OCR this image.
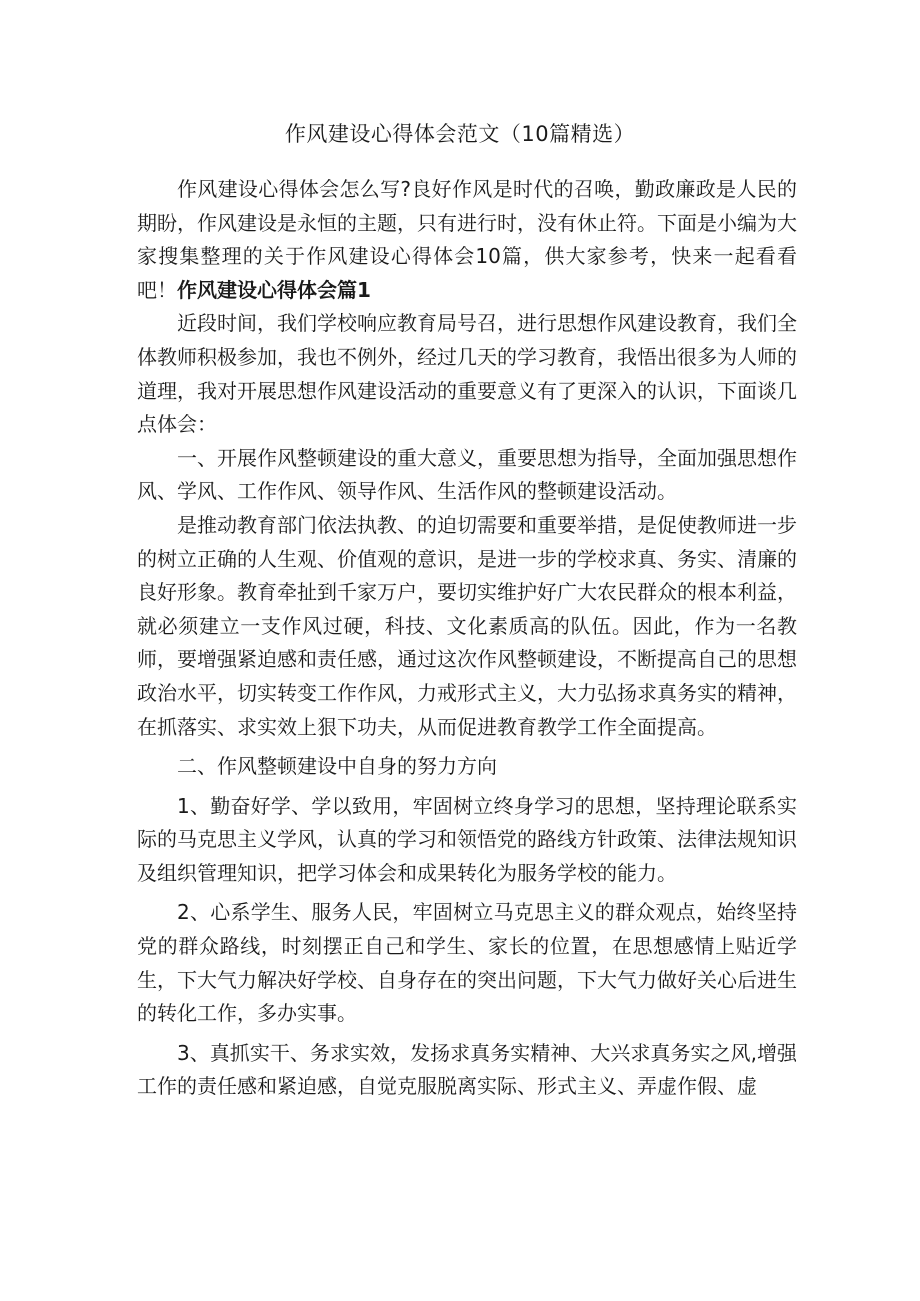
作风建设心得体会范文（10篇精选）

作风建设心得体会怎么写?良好作风是时代的召唤，勤政廉政是人民的期盼，作风建设是永恒的主题，只有进行时，没有休止符。下面是小编为大家搜集整理的关于作风建设心得体会10篇，供大家参考，快来一起看看吧！作风建设心得体会篇1

近段时间，我们学校响应教育局号召，进行思想作风建设教育，我们全体教师积极参加，我也不例外，经过几天的学习教育，我悟出很多为人师的道理，我对开展思想作风建设活动的重要意义有了更深入的认识，下面谈几点体会：

一、开展作风整顿建设的重大意义，重要思想为指导，全面加强思想作风、学风、工作作风、领导作风、生活作风的整顿建设活动。

是推动教育部门依法执教、的迫切需要和重要举措，是促使教师进一步的树立正确的人生观、价值观的意识，是进一步的学校求真、务实、清廉的良好形象。教育牵扯到千家万户，要切实维护好广大农民群众的根本利益，就必须建立一支作风过硬，科技、文化素质高的队伍。因此，作为一名教师，要增强紧迫感和责任感，通过这次作风整顿建设，不断提高自己的思想政治水平，切实转变工作作风，力戒形式主义，大力弘扬求真务实的精神，在抓落实、求实效上狠下功夫，从而促进教育教学工作全面提高。

二、作风整顿建设中自身的努力方向

1、勤奋好学、学以致用，牢固树立终身学习的思想，坚持理论联系实际的马克思主义学风，认真的学习和领悟党的路线方针政策、法律法规知识及组织管理知识，把学习体会和成果转化为服务学校的能力。

2、心系学生、服务人民，牢固树立马克思主义的群众观点，始终坚持党的群众路线，时刻摆正自己和学生、家长的位置，在思想感情上贴近学生，下大气力解决好学校、自身存在的突出问题，下大气力做好关心后进生的转化工作，多办实事。

3、真抓实干、务求实效，发扬求真务实精神、大兴求真务实之风,增强工作的责任感和紧迫感，自觉克服脱离实际、形式主义、弄虚作假、虚
